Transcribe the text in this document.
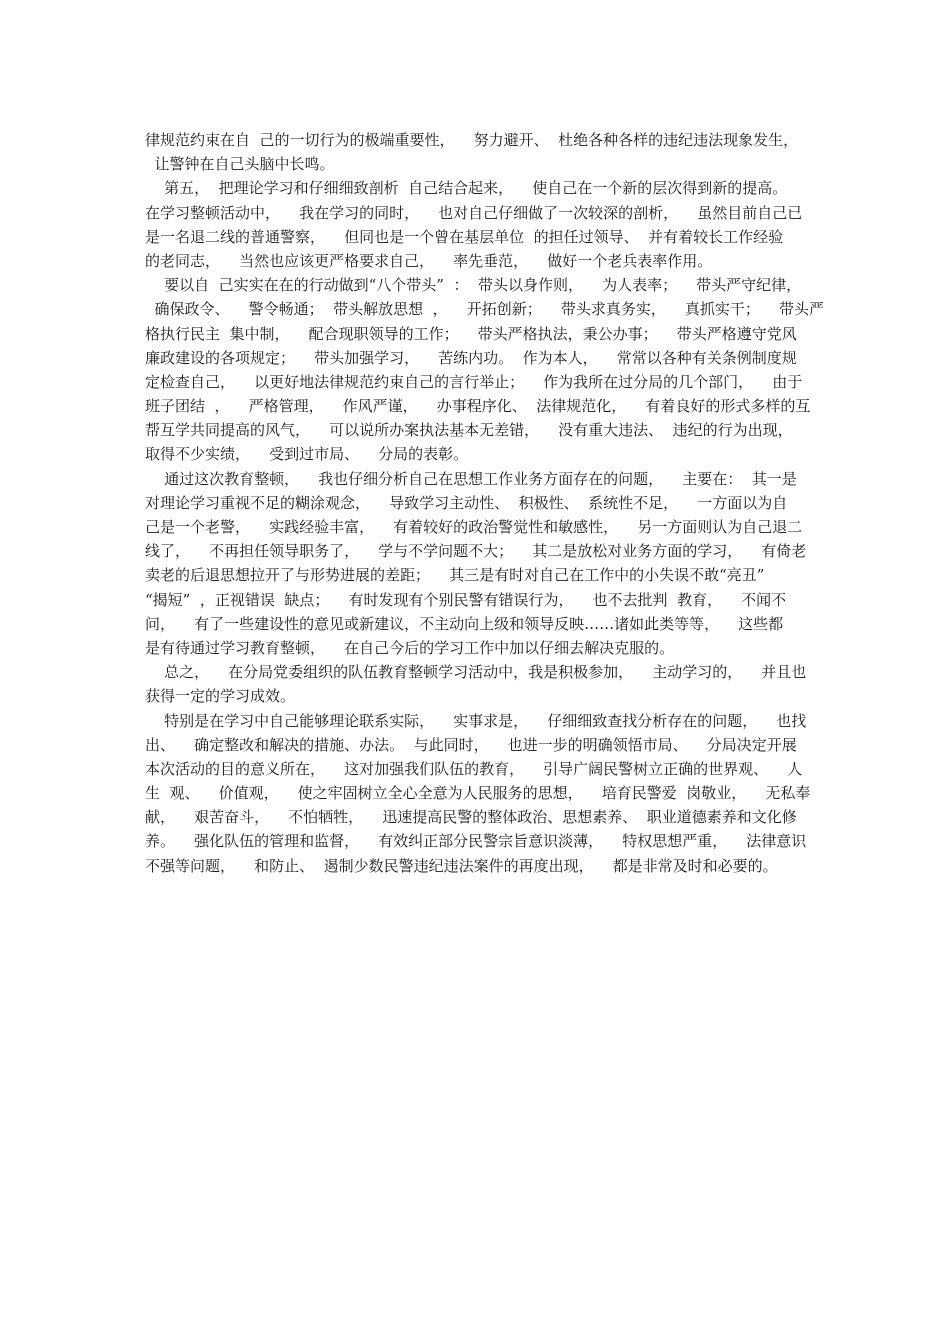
律规范约束在自  己的一切行为的极端重要性，    努力避开、  杜绝各种各样的违纪违法现象发生，
让警钟在自己头脑中长鸣。
第五，  把理论学习和仔细细致剖析  自己结合起来，    使自己在一个新的层次得到新的提高。
在学习整顿活动中，    我在学习的同时，    也对自己仔细做了一次较深的剖析，    虽然目前自己已
是一名退二线的普通警察，    但同也是一个曾在基层单位  的担任过领导、  并有着较长工作经验
的老同志，    当然也应该更严格要求自己，    率先垂范，    做好一个老兵表率作用。
要以自  己实实在在的行动做到“八个带头”  ：  带头以身作则，    为人表率；    带头严守纪律，
确保政令、    警令畅通；  带头解放思想  ，    开拓创新；    带头求真务实，    真抓实干；    带头严
格执行民主  集中制，    配合现职领导的工作；    带头严格执法，秉公办事；    带头严格遵守党风
廉政建设的各项规定；    带头加强学习，    苦练内功。  作为本人，    常常以各种有关条例制度规
定检查自己，    以更好地法律规范约束自己的言行举止；    作为我所在过分局的几个部门，    由于
班子团结  ，    严格管理，    作风严谨，    办事程序化、  法律规范化，    有着良好的形式多样的互
帮互学共同提高的风气，    可以说所办案执法基本无差错，    没有重大违法、  违纪的行为出现，
取得不少实绩，    受到过市局、    分局的表彰。
通过这次教育整顿，    我也仔细分析自己在思想工作业务方面存在的问题，    主要在：  其一是
对理论学习重视不足的糊涂观念，    导致学习主动性、  积极性、  系统性不足，    一方面以为自
己是一个老警，    实践经验丰富，    有着较好的政治警觉性和敏感性，    另一方面则认为自己退二
线了，    不再担任领导职务了，    学与不学问题不大；    其二是放松对业务方面的学习，    有倚老
卖老的后退思想拉开了与形势进展的差距；    其三是有时对自己在工作中的小失误不敢“亮丑”
“揭短”  ，正视错误  缺点；    有时发现有个别民警有错误行为，    也不去批判  教育，    不闻不
问，    有了一些建设性的意见或新建议，不主动向上级和领导反映……诸如此类等等，    这些都
是有待通过学习教育整顿，    在自己今后的学习工作中加以仔细去解决克服的。
总之，    在分局党委组织的队伍教育整顿学习活动中，我是积极参加，    主动学习的，    并且也
获得一定的学习成效。
特别是在学习中自己能够理论联系实际，    实事求是，    仔细细致查找分析存在的问题，    也找
出、    确定整改和解决的措施、办法。  与此同时，    也进一步的明确领悟市局、    分局决定开展
本次活动的目的意义所在，    这对加强我们队伍的教育，    引导广阔民警树立正确的世界观、    人
生  观、    价值观，    使之牢固树立全心全意为人民服务的思想，    培育民警爱  岗敬业，    无私奉
献，    艰苦奋斗，    不怕牺牲，    迅速提高民警的整体政治、思想素养、  职业道德素养和文化修
养。    强化队伍的管理和监督，    有效纠正部分民警宗旨意识淡薄，    特权思想严重，    法律意识
不强等问题，    和防止、  遏制少数民警违纪违法案件的再度出现，    都是非常及时和必要的。
